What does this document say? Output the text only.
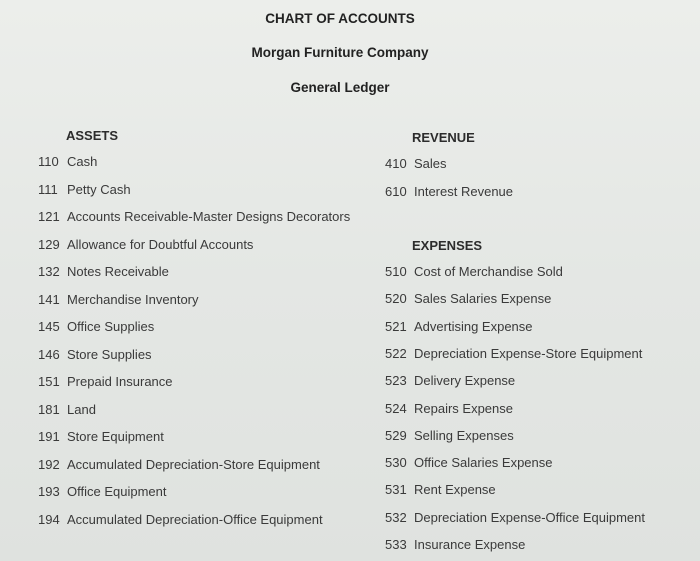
CHART OF ACCOUNTS
Morgan Furniture Company
General Ledger
ASSETS	REVENUE
EXPENSES
110 Cash
111 Petty Cash
121 Accounts Receivable-Master Designs Decorators
129 Allowance for Doubtful Accounts
132 Notes Receivable
141 Merchandise Inventory
145 Office Supplies
146 Store Supplies
151 Prepaid Insurance
181 Land
191 Store Equipment
192 Accumulated Depreciation-Store Equipment
193 Office Equipment
194 Accumulated Depreciation-Office Equipment
410 Sales
610 Interest Revenue
510 Cost of Merchandise Sold
520 Sales Salaries Expense
521 Advertising Expense
522 Depreciation Expense-Store Equipment
523 Delivery Expense
524 Repairs Expense
529 Selling Expenses
530 Office Salaries Expense
531 Rent Expense
532 Depreciation Expense-Office Equipment
533 Insurance Expense
